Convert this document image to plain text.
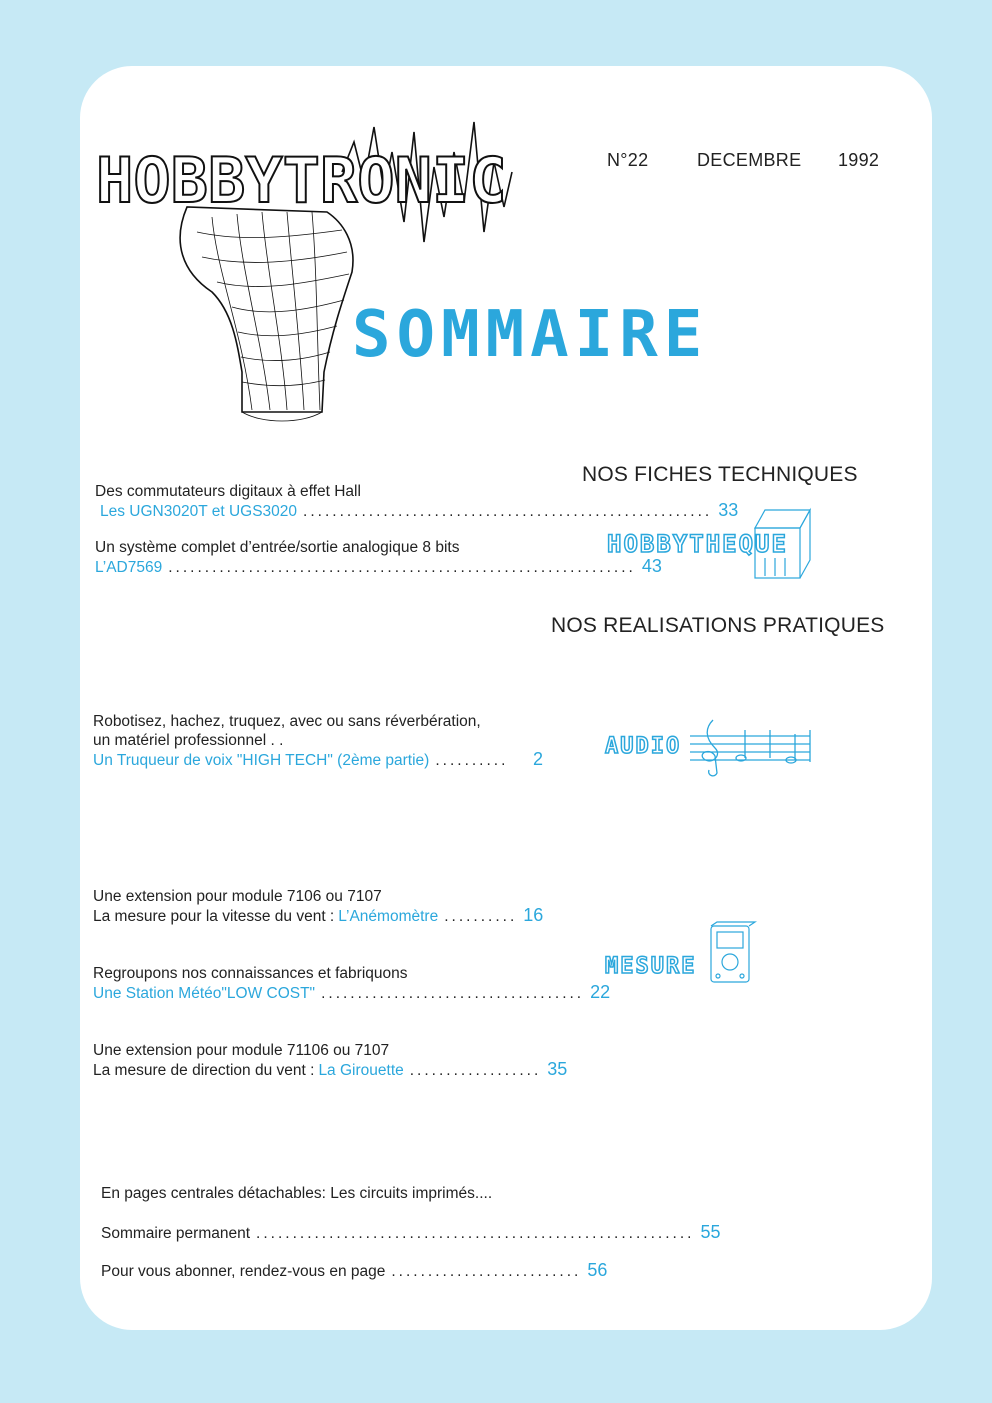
HOBBYTRONIC	N°22	DECEMBRE 1992
SOMMAIRE
NOS FICHES TECHNIQUES
NOS REALISATIONS PRATIQUES
HOBBYTHEQUE
AUDIO
MESURE
Des commutateurs digitaux à effet Hall
Les UGN3020T et UGS3020 ........................................................ 33
Un système complet d’entrée/sortie analogique 8 bits
L’AD7569 ................................................................ 43
Robotisez, hachez, truquez, avec ou sans réverbération,
un matériel professionnel . .
Un Truqueur de voix "HIGH TECH" (2ème partie) ..........	2
Une extension pour module 7106 ou 7107
La mesure pour la vitesse du vent : L’Anémomètre .......... 16
Regroupons nos connaissances et fabriquons
Une Station Météo "LOW COST" .................................... 22
Une extension pour module 71106 ou 7107
La mesure de direction du vent : La Girouette .................. 35
En pages centrales détachables: Les circuits imprimés....
Sommaire permanent ............................................................ 55
Pour vous abonner, rendez-vous en page .......................... 56
